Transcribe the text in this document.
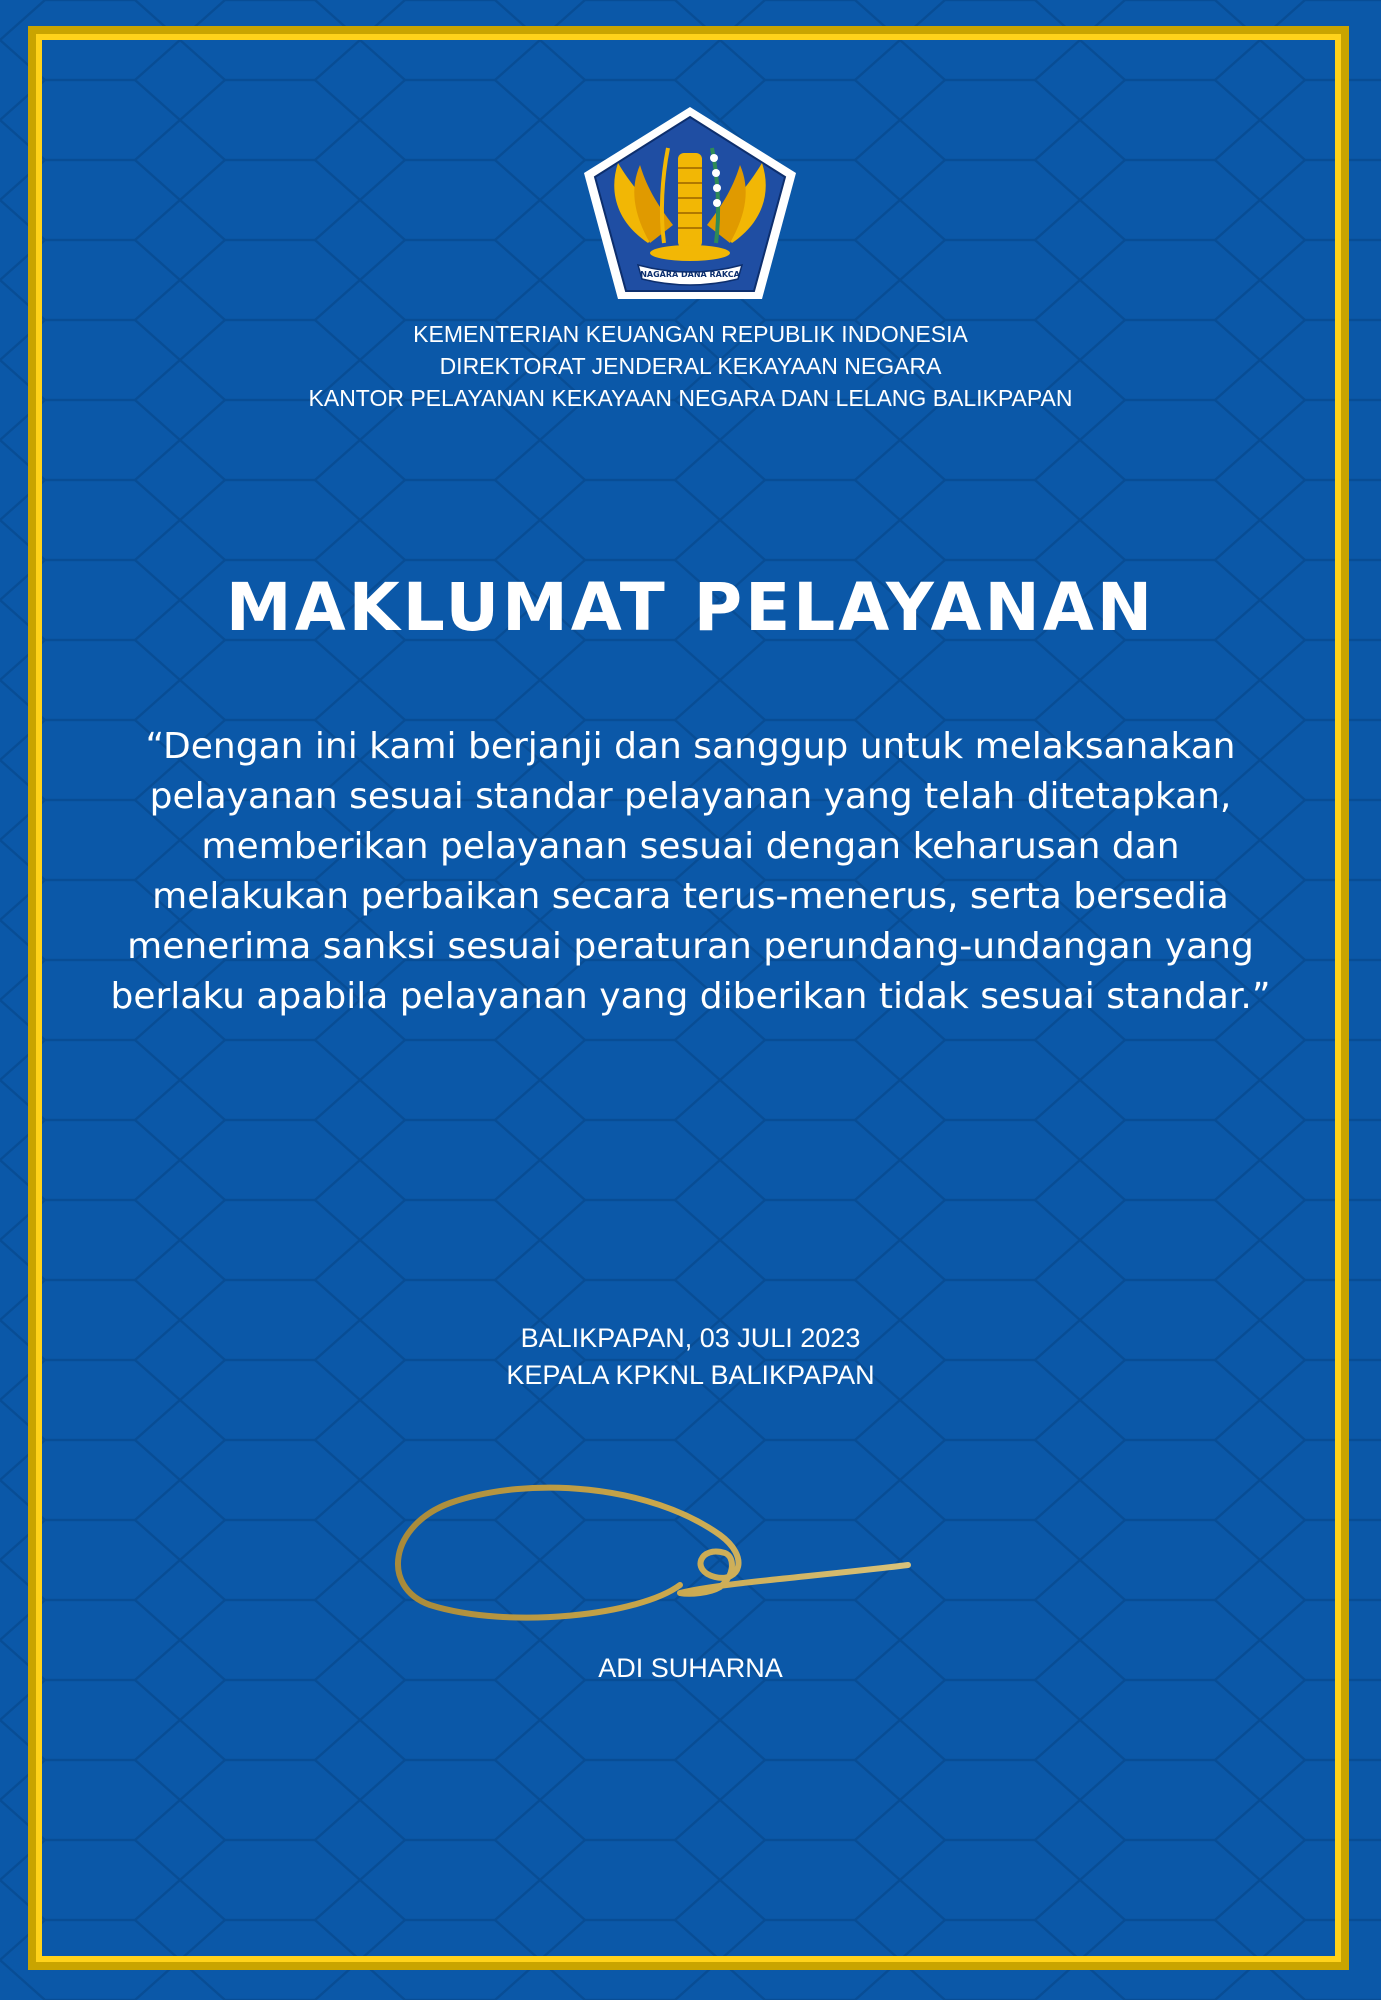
NAGARA DANA RAKCA
KEMENTERIAN KEUANGAN REPUBLIK INDONESIA
DIREKTORAT JENDERAL KEKAYAAN NEGARA
KANTOR PELAYANAN KEKAYAAN NEGARA DAN LELANG BALIKPAPAN
MAKLUMAT PELAYANAN
“Dengan ini kami berjanji dan sanggup untuk melaksanakan
pelayanan sesuai standar pelayanan yang telah ditetapkan,
memberikan pelayanan sesuai dengan keharusan dan
melakukan perbaikan secara terus-menerus, serta bersedia
menerima sanksi sesuai peraturan perundang-undangan yang
berlaku apabila pelayanan yang diberikan tidak sesuai standar.”
BALIKPAPAN, 03 JULI 2023
KEPALA KPKNL BALIKPAPAN
ADI SUHARNA
